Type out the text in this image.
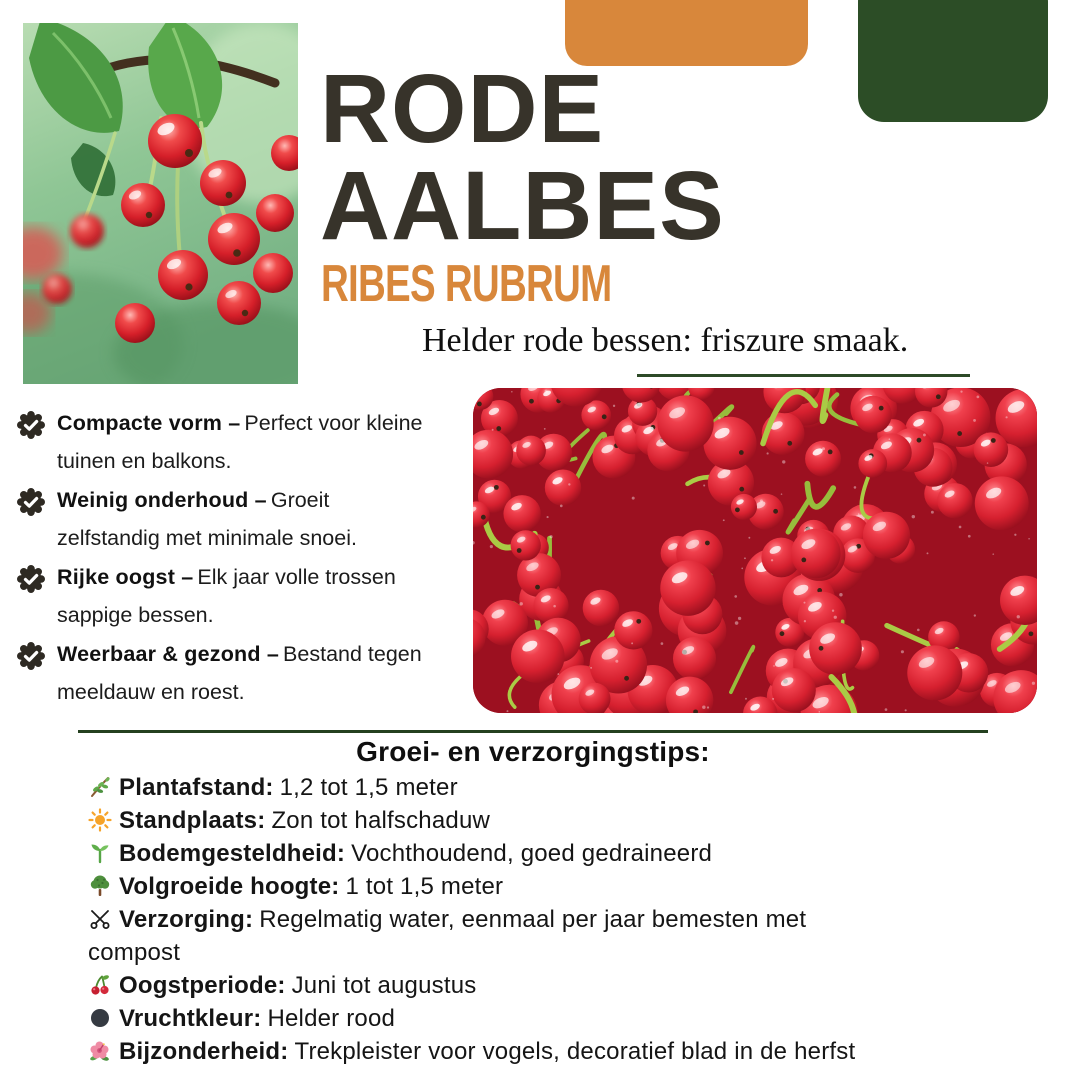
RODE
AALBES
RIBES RUBRUM
Helder rode bessen: friszure smaak.
Compacte vorm – Perfect voor kleine
tuinen en balkons.
Weinig onderhoud – Groeit
zelfstandig met minimale snoei.
Rijke oogst – Elk jaar volle trossen
sappige bessen.
Weerbaar & gezond – Bestand tegen
meeldauw en roest.
Groei- en verzorgingstips:
Plantafstand: 1,2 tot 1,5 meter
Standplaats: Zon tot halfschaduw
Bodemgesteldheid: Vochthoudend, goed gedraineerd
Volgroeide hoogte: 1 tot 1,5 meter
Verzorging: Regelmatig water, eenmaal per jaar bemesten met
compost
Oogstperiode: Juni tot augustus
Vruchtkleur: Helder rood
Bijzonderheid: Trekpleister voor vogels, decoratief blad in de herfst
